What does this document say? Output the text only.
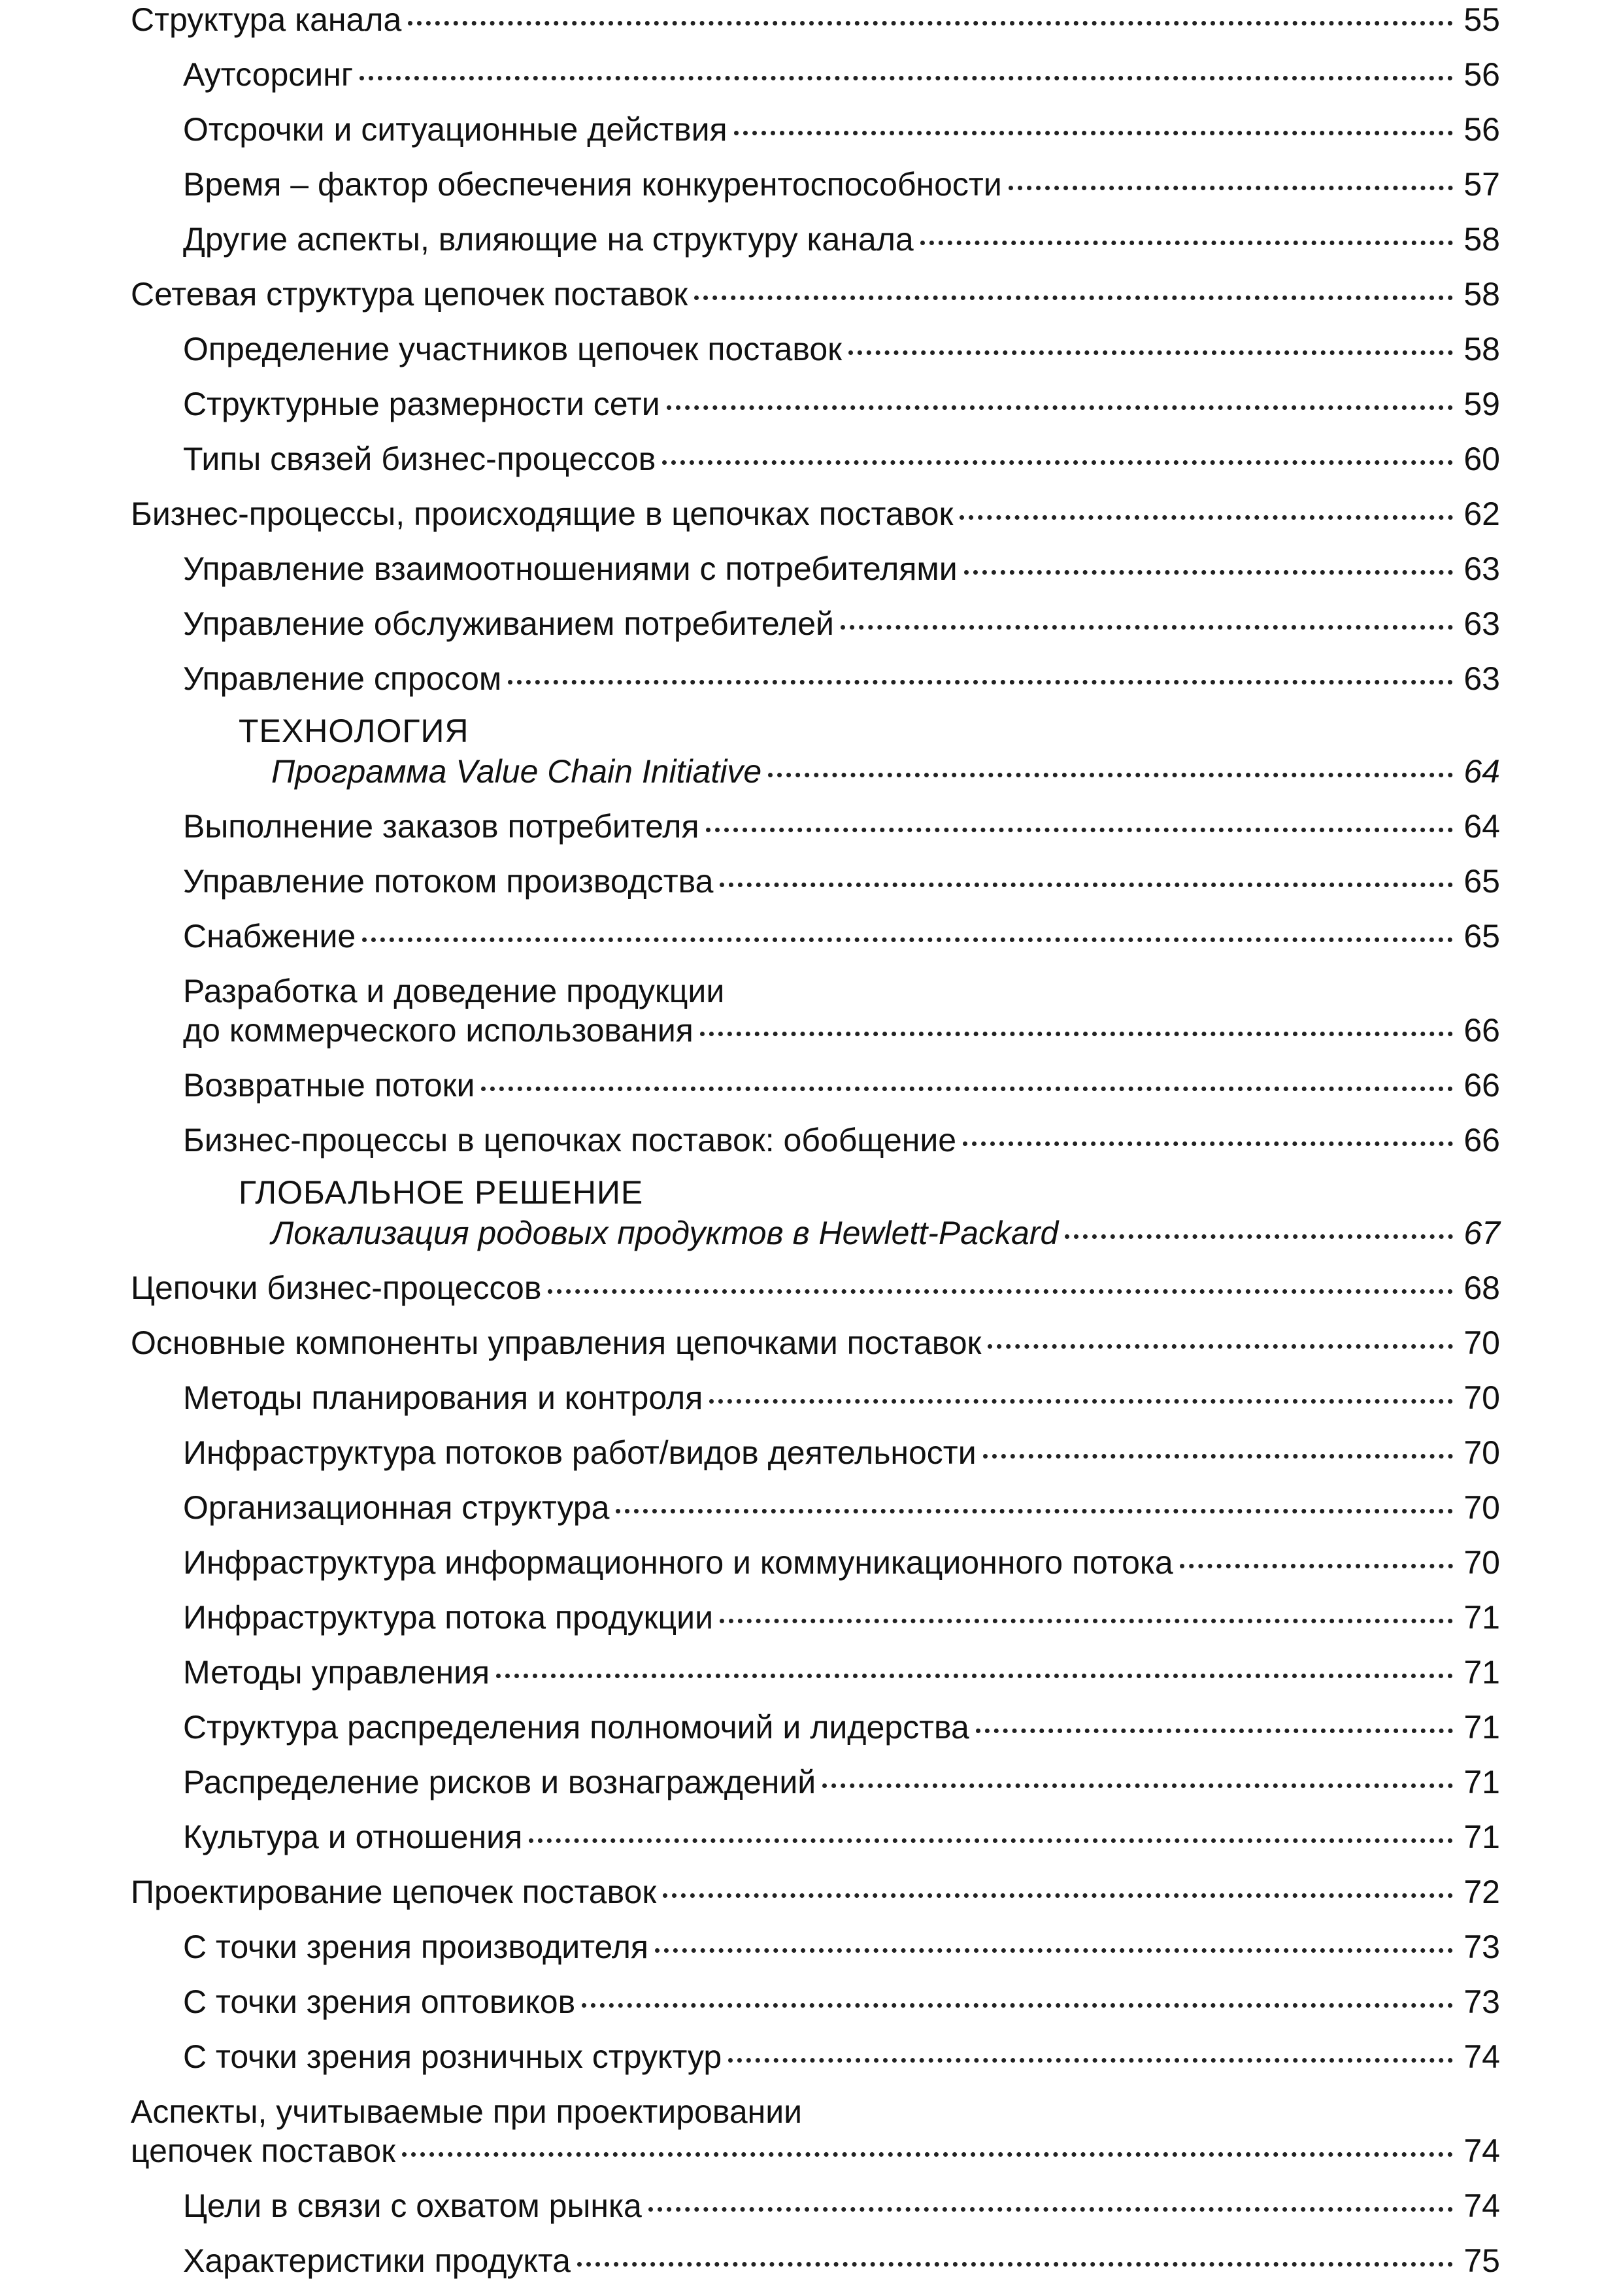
Структура канала	55
Аутсорсинг	56
Отсрочки и ситуационные действия	56
Время – фактор обеспечения конкурентоспособности	57
Другие аспекты, влияющие на структуру канала	58
Сетевая структура цепочек поставок	58
Определение участников цепочек поставок	58
Структурные размерности сети	59
Типы связей бизнес-процессов	60
Бизнес-процессы, происходящие в цепочках поставок	62
Управление взаимоотношениями с потребителями	63
Управление обслуживанием потребителей	63
Управление спросом	63
ТЕХНОЛОГИЯ
Программа Value Chain Initiative	64
Выполнение заказов потребителя	64
Управление потоком производства	65
Снабжение	65
Разработка и доведение продукции
до коммерческого использования	66
Возвратные потоки	66
Бизнес-процессы в цепочках поставок: обобщение	66
ГЛОБАЛЬНОЕ РЕШЕНИЕ
Локализация родовых продуктов в Hewlett-Packard	67
Цепочки бизнес-процессов	68
Основные компоненты управления цепочками поставок	70
Методы планирования и контроля	70
Инфраструктура потоков работ/видов деятельности	70
Организационная структура	70
Инфраструктура информационного и коммуникационного потока	70
Инфраструктура потока продукции	71
Методы управления	71
Структура распределения полномочий и лидерства	71
Распределение рисков и вознаграждений	71
Культура и отношения	71
Проектирование цепочек поставок	72
С точки зрения производителя	73
С точки зрения оптовиков	73
С точки зрения розничных структур	74
Аспекты, учитываемые при проектировании
цепочек поставок	74
Цели в связи с охватом рынка	74
Характеристики продукта	75
